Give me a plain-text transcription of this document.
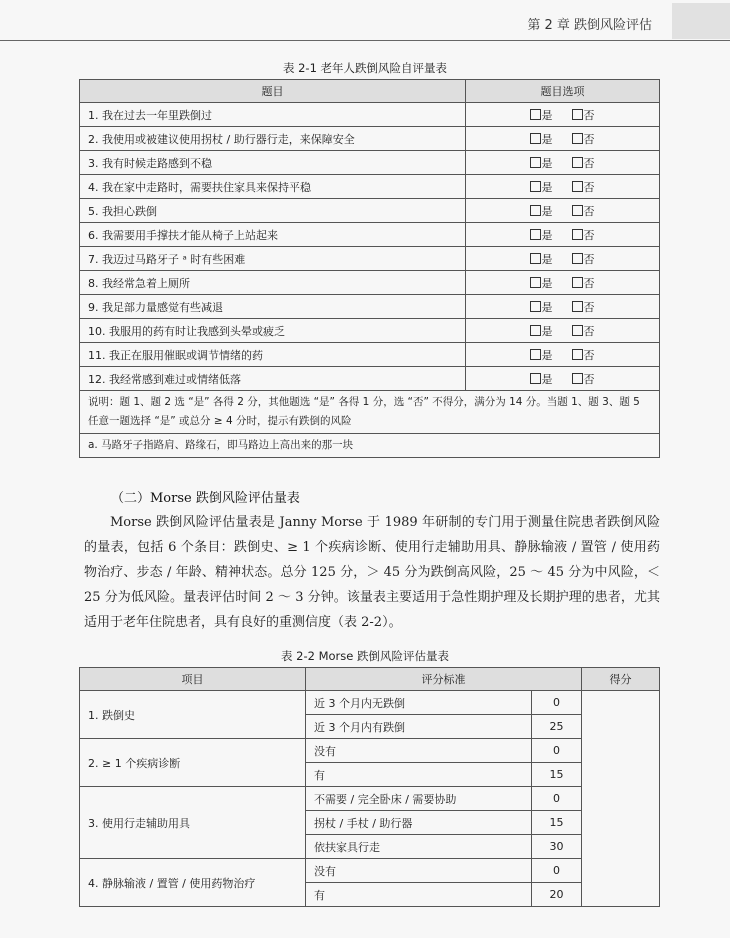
第 2 章 跌倒风险评估
表 2-1 老年人跌倒风险自评量表
题目	题目选项
1. 我在过去一年里跌倒过	是 否
2. 我使用或被建议使用拐杖 / 助行器行走，来保障安全	是 否
3. 我有时候走路感到不稳	是 否
4. 我在家中走路时，需要扶住家具来保持平稳	是 否
5. 我担心跌倒	是 否
6. 我需要用手撑扶才能从椅子上站起来	是 否
7. 我迈过马路牙子 ᵃ 时有些困难	是 否
8. 我经常急着上厕所	是 否
9. 我足部力量感觉有些减退	是 否
10. 我服用的药有时让我感到头晕或疲乏	是 否
11. 我正在服用催眠或调节情绪的药	是 否
12. 我经常感到难过或情绪低落	是 否
说明：题 1、题 2 选 “是” 各得 2 分，其他题选 “是” 各得 1 分，选 “否” 不得分，满分为 14 分。当题 1、题 3、题 5 任意一题选择 “是” 或总分 ≥ 4 分时，提示有跌倒的风险	
a. 马路牙子指路肩、路缘石，即马路边上高出来的那一块	
（二）Morse 跌倒风险评估量表
Morse 跌倒风险评估量表是 Janny Morse 于 1989 年研制的专门用于测量住院患者跌倒风险的量表，包括 6 个条目：跌倒史、≥ 1 个疾病诊断、使用行走辅助用具、静脉输液 / 置管 / 使用药物治疗、步态 / 年龄、精神状态。总分 125 分，＞ 45 分为跌倒高风险，25 ～ 45 分为中风险，＜ 25 分为低风险。量表评估时间 2 ～ 3 分钟。该量表主要适用于急性期护理及长期护理的患者，尤其适用于老年住院患者，具有良好的重测信度（表 2-2）。
表 2-2 Morse 跌倒风险评估量表
项目	评分标准		得分
1. 跌倒史	近 3 个月内无跌倒	0	
	近 3 个月内有跌倒	25	
2. ≥ 1 个疾病诊断	没有	0	
	有	15	
3. 使用行走辅助用具	不需要 / 完全卧床 / 需要协助	0	
	拐杖 / 手杖 / 助行器	15	
	依扶家具行走	30	
4. 静脉输液 / 置管 / 使用药物治疗	没有	0	
	有	20	
